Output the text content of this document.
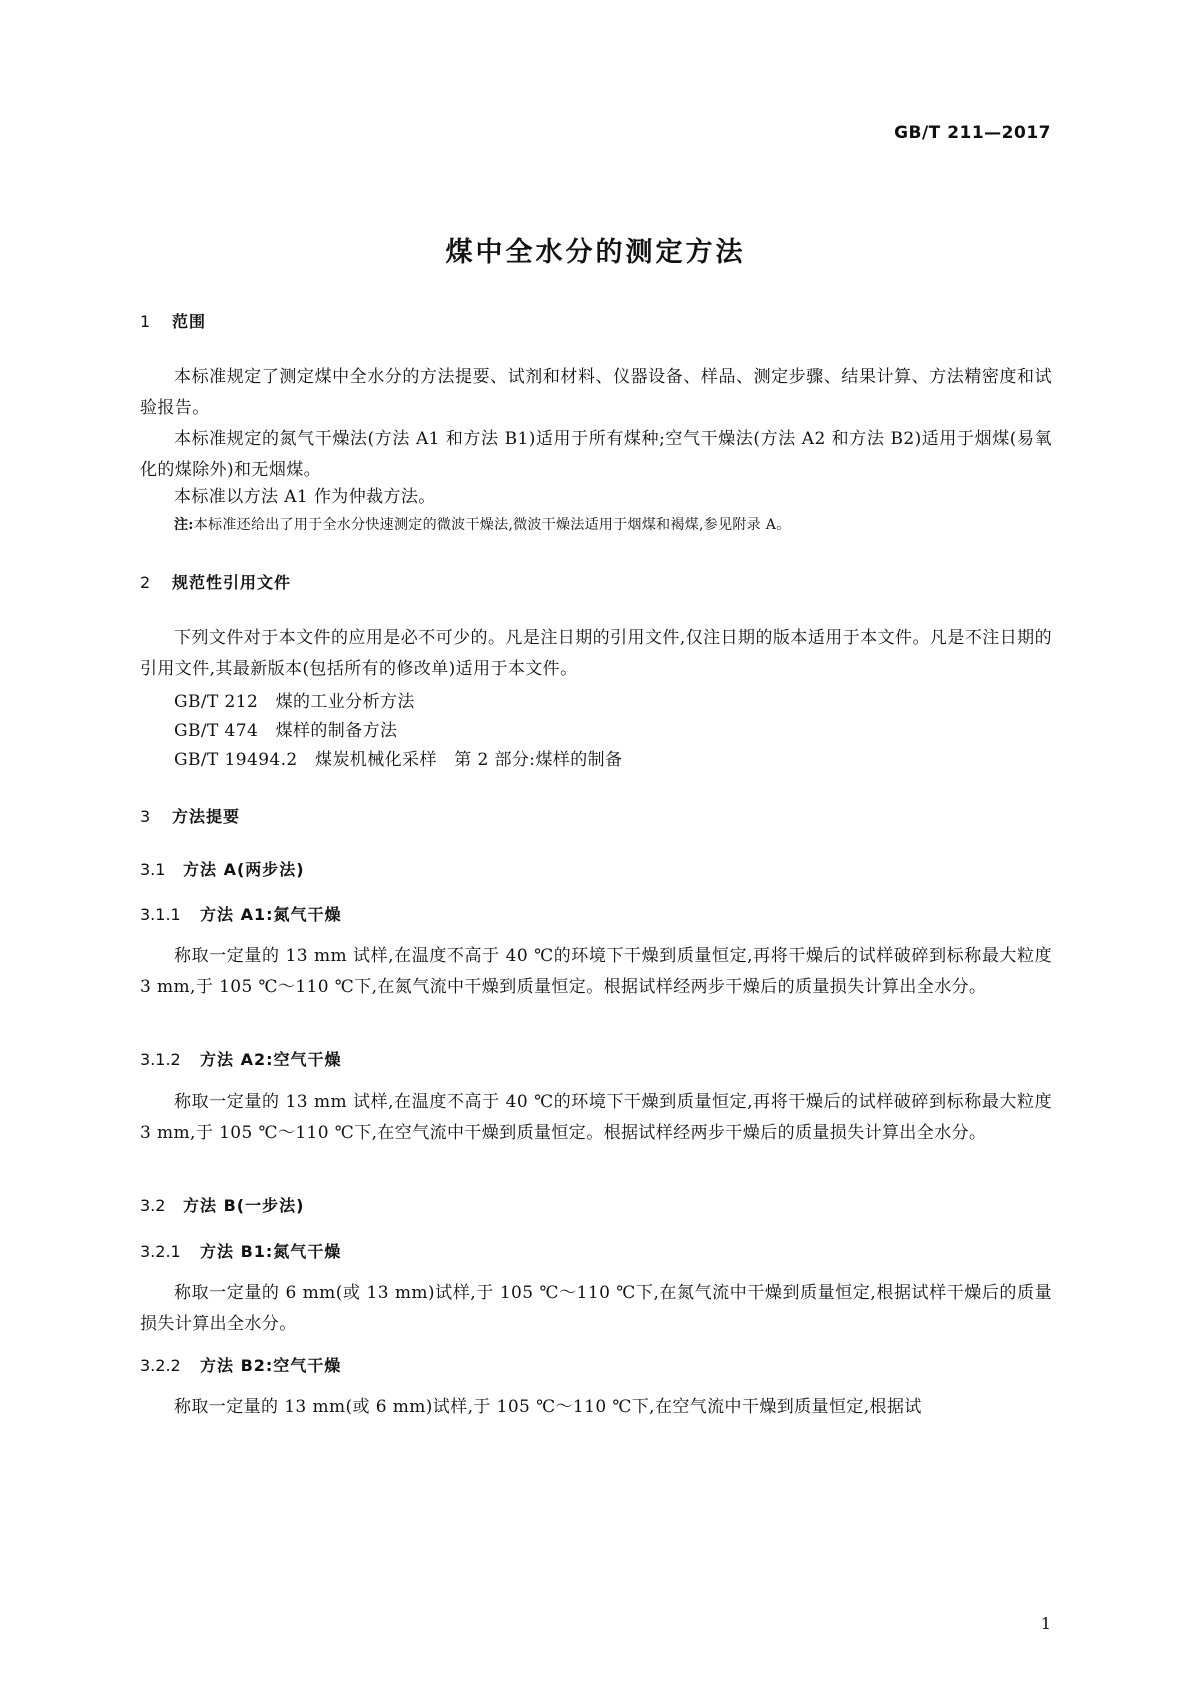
GB/T 211—2017
煤中全水分的测定方法
1 范围
本标准规定了测定煤中全水分的方法提要、试剂和材料、仪器设备、样品、测定步骤、结果计算、方法精密度和试验报告。
本标准规定的氮气干燥法(方法 A1 和方法 B1)适用于所有煤种;空气干燥法(方法 A2 和方法 B2)适用于烟煤(易氧化的煤除外)和无烟煤。
本标准以方法 A1 作为仲裁方法。
注:本标准还给出了用于全水分快速测定的微波干燥法,微波干燥法适用于烟煤和褐煤,参见附录 A。
2 规范性引用文件
下列文件对于本文件的应用是必不可少的。凡是注日期的引用文件,仅注日期的版本适用于本文件。凡是不注日期的引用文件,其最新版本(包括所有的修改单)适用于本文件。
GB/T 212　煤的工业分析方法
GB/T 474　煤样的制备方法
GB/T 19494.2　煤炭机械化采样　第 2 部分:煤样的制备
3 方法提要
3.1 方法 A(两步法)
3.1.1 方法 A1:氮气干燥
称取一定量的 13 mm 试样,在温度不高于 40 ℃的环境下干燥到质量恒定,再将干燥后的试样破碎到标称最大粒度 3 mm,于 105 ℃～110 ℃下,在氮气流中干燥到质量恒定。根据试样经两步干燥后的质量损失计算出全水分。
3.1.2 方法 A2:空气干燥
称取一定量的 13 mm 试样,在温度不高于 40 ℃的环境下干燥到质量恒定,再将干燥后的试样破碎到标称最大粒度 3 mm,于 105 ℃～110 ℃下,在空气流中干燥到质量恒定。根据试样经两步干燥后的质量损失计算出全水分。
3.2 方法 B(一步法)
3.2.1 方法 B1:氮气干燥
称取一定量的 6 mm(或 13 mm)试样,于 105 ℃～110 ℃下,在氮气流中干燥到质量恒定,根据试样干燥后的质量损失计算出全水分。
3.2.2 方法 B2:空气干燥
称取一定量的 13 mm(或 6 mm)试样,于 105 ℃～110 ℃下,在空气流中干燥到质量恒定,根据试
1
